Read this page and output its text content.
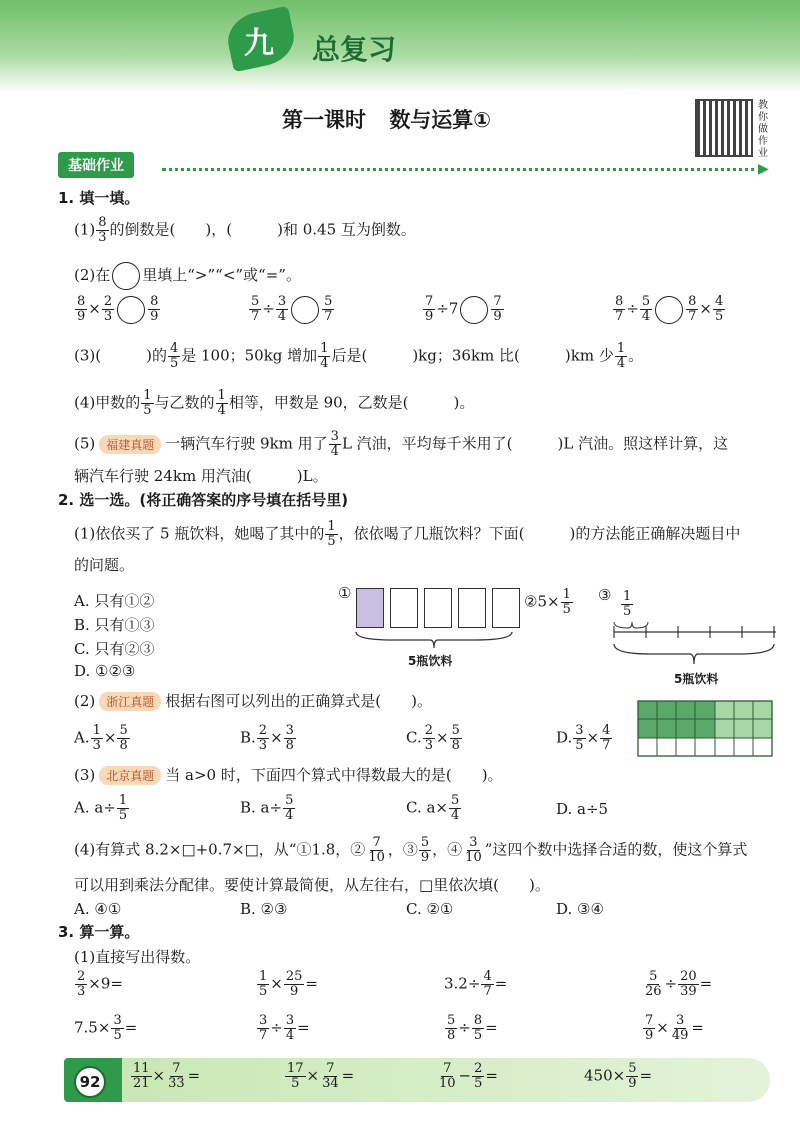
九 总复习
第一课时 数与运算①
教你做作业
基础作业	▶
1. 填一填。
$(1) \frac{8}{3}$ 的倒数是(　　)，(　　　)和 0.45 互为倒数。
(2)在 里填上“>”“<”或“=”。
$\frac{8}{9} \times \frac{2}{3}$	$\frac{8}{9}$	$\frac{5}{7} \div \frac{3}{4}$	$\frac{5}{7}$	$\frac{7}{9} \div 7$	$\frac{7}{9}$	$\frac{8}{7} \div \frac{5}{4}$	$\frac{8}{7} \times \frac{4}{5}$
(3)(　　　)的 $\frac{4}{5}$ 是 100；50kg 增加 $\frac{1}{4}$ 后是(　　　)kg；36km 比(　　　)km 少 $\frac{1}{4}$ 。
(4)甲数的 $\frac{1}{5}$ 与乙数的 $\frac{1}{4}$ 相等，甲数是 90，乙数是(　　　)。
(5) 福建真题 一辆汽车行驶 9km 用了 $\frac{3}{4}$ L 汽油，平均每千米用了(　　　)L 汽油。照这样计算，这
辆汽车行驶 24km 用汽油(　　　)L。
2. 选一选。(将正确答案的序号填在括号里)
(1)依依买了 5 瓶饮料，她喝了其中的 $\frac{1}{5}$ ，依依喝了几瓶饮料？下面(　　　)的方法能正确解决题目中
的问题。
A. 只有①②
B. 只有①③
C. 只有②③
D. ①②③
①
5瓶饮料
②5× $\frac{1}{5}$ ③ $\frac{1}{5}$
5瓶饮料
(2) 浙江真题 根据右图可以列出的正确算式是(　　)。
A. $\frac{1}{3} \times \frac{5}{8}$	B. $\frac{2}{3} \times \frac{3}{8}$	C. $\frac{2}{3} \times \frac{5}{8}$	D. $\frac{3}{5} \times \frac{4}{7}$
(3) 北京真题 当 a>0 时，下面四个算式中得数最大的是(　　)。
A. $a\div \frac{1}{5}$	B. $a\div \frac{5}{4}$	C. $a\times \frac{5}{4}$	D. a÷5
(4)有算式 8.2×□+0.7×□，从“①1.8，② $\frac{7}{10}$ ，③ $\frac{5}{9}$ ，④ $\frac{3}{10}$ ”这四个数中选择合适的数，使这个算式
可以用到乘法分配律。要使计算最简便，从左往右，□里依次填(　　)。
A. ④①	B. ②③	C. ②①	D. ③④
3. 算一算。
(1)直接写出得数。
$\frac{2}{3} \times 9=$	$\frac{1}{5} \times \frac{25}{9}$ =	$3.2\div \frac{4}{7}$ =	$\frac{5}{26} \div \frac{20}{39}$ =
$7.5\times \frac{3}{5}$ =	$\frac{3}{7} \div \frac{3}{4}$ =	$\frac{5}{8} \div \frac{8}{5}$ =	$\frac{7}{9} \times \frac{3}{49}$ =
92	$\frac{11}{21} \times \frac{7}{33}$ =	$\frac{17}{5} \times \frac{7}{34}$ =	$\frac{7}{10} - \frac{2}{5}$ =	$450\times \frac{5}{9}$ =
